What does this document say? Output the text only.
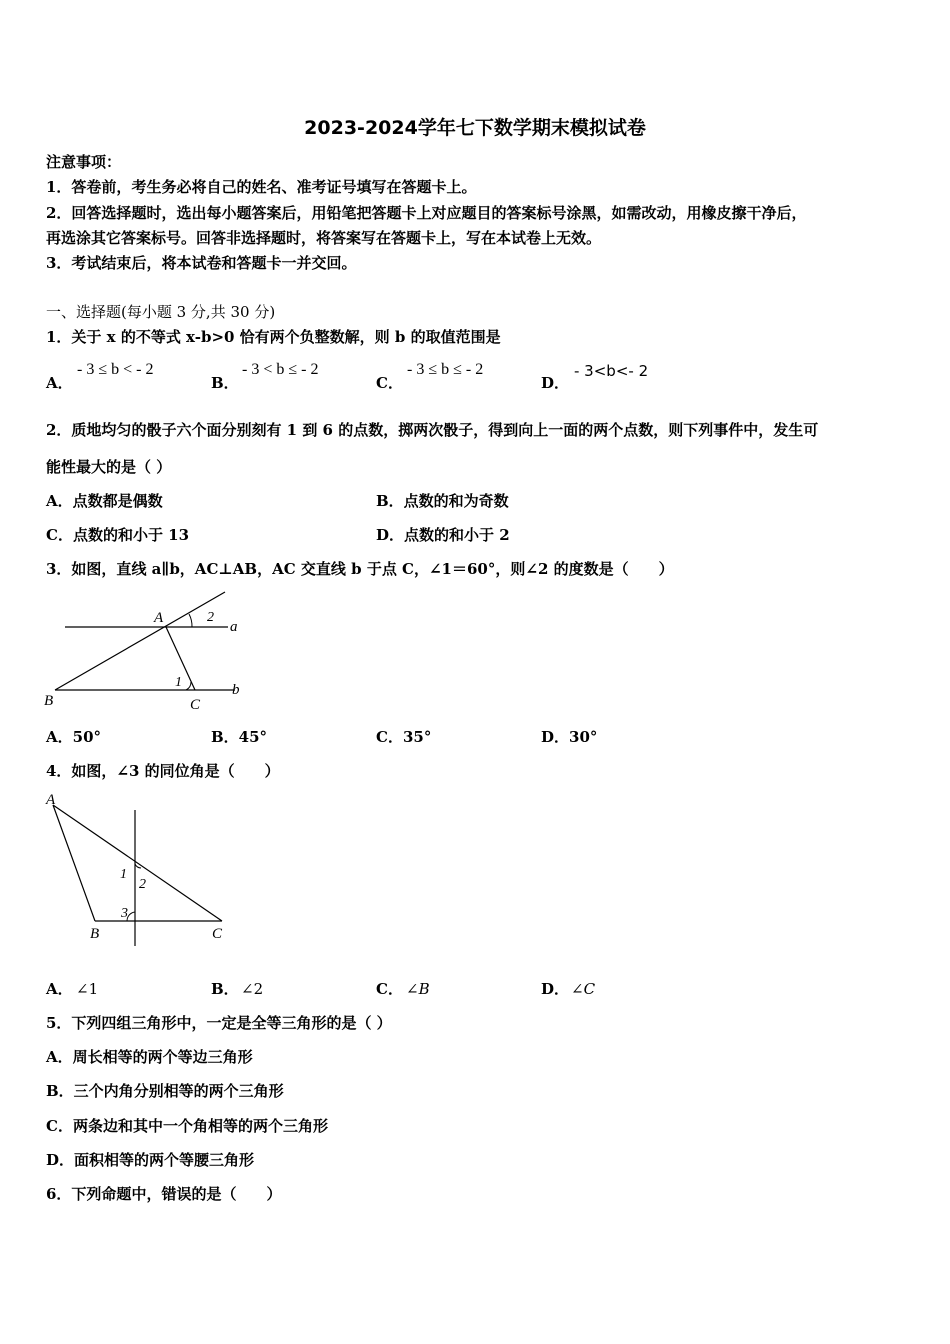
2023-2024学年七下数学期末模拟试卷
注意事项：
1．答卷前，考生务必将自己的姓名、准考证号填写在答题卡上。
2．回答选择题时，选出每小题答案后，用铅笔把答题卡上对应题目的答案标号涂黑，如需改动，用橡皮擦干净后，
再选涂其它答案标号。回答非选择题时，将答案写在答题卡上，写在本试卷上无效。
3．考试结束后，将本试卷和答题卡一并交回。
一、选择题(每小题 3 分,共 30 分)
1．关于 x 的不等式 x-b>0 恰有两个负整数解，则 b 的取值范围是
A．
- 3 ≤ b < - 2
B．
- 3 < b ≤ - 2
C．
- 3 ≤ b ≤ - 2
D．
- 3<b<- 2
2．质地均匀的骰子六个面分别刻有 1 到 6 的点数，掷两次骰子，得到向上一面的两个点数，则下列事件中，发生可
能性最大的是（ ）
A．点数都是偶数	B．点数的和为奇数
C．点数的和小于 13	D．点数的和小于 2
3．如图，直线 a∥b，AC⊥AB，AC 交直线 b 于点 C，∠1＝60°，则∠2 的度数是（　　）
A
B	C
a
b
1
2
A．50°	B．45°	C．35°	D．30°
4．如图，∠3 的同位角是（　　）
A
B	C
1
2
3
A． ∠1	B． ∠2	C． ∠B	D． ∠C
5．下列四组三角形中，一定是全等三角形的是（ ）
A．周长相等的两个等边三角形
B．三个内角分别相等的两个三角形
C．两条边和其中一个角相等的两个三角形
D．面积相等的两个等腰三角形
6．下列命题中，错误的是（　　）
